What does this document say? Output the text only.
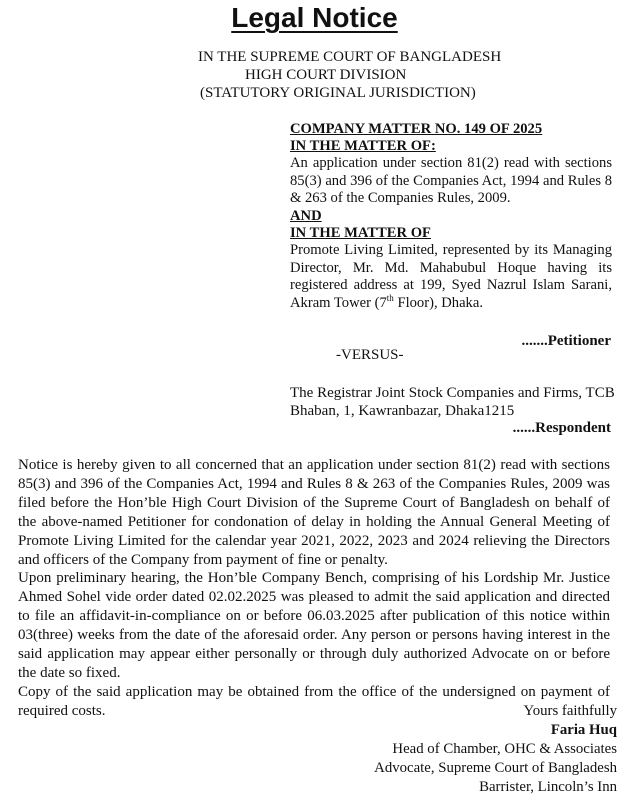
Legal Notice
IN THE SUPREME COURT OF BANGLADESH
HIGH COURT DIVISION
(STATUTORY ORIGINAL JURISDICTION)
COMPANY MATTER NO. 149 OF 2025
IN THE MATTER OF:
An application under section 81(2) read with sections 85(3) and 396 of the Companies Act, 1994 and Rules 8 & 263 of the Companies Rules, 2009.
AND
IN THE MATTER OF
Promote Living Limited, represented by its Managing Director, Mr. Md. Mahabubul Hoque having its registered address at 199, Syed Nazrul Islam Sarani, Akram Tower (7th Floor), Dhaka.
.......Petitioner
-VERSUS-
The Registrar Joint Stock Companies and Firms, TCB
Bhaban, 1, Kawranbazar, Dhaka1215
......Respondent
Notice is hereby given to all concerned that an application under section 81(2) read with sections 85(3) and 396 of the Companies Act, 1994 and Rules 8 & 263 of the Companies Rules, 2009 was filed before the Hon’ble High Court Division of the Supreme Court of Bangladesh on behalf of the above-named Petitioner for condonation of delay in holding the Annual General Meeting of Promote Living Limited for the calendar year 2021, 2022, 2023 and 2024 relieving the Directors and officers of the Company from payment of fine or penalty.
Upon preliminary hearing, the Hon’ble Company Bench, comprising of his Lordship Mr. Justice Ahmed Sohel vide order dated 02.02.2025 was pleased to admit the said application and directed to file an affidavit-in-compliance on or before 06.03.2025 after publication of this notice within 03(three) weeks from the date of the aforesaid order. Any person or persons having interest in the said application may appear either personally or through duly authorized Advocate on or before the date so fixed.
Copy of the said application may be obtained from the office of the undersigned on payment of required costs.	Yours faithfully
Faria Huq
Head of Chamber, OHC & Associates
Advocate, Supreme Court of Bangladesh
Barrister, Lincoln’s Inn
